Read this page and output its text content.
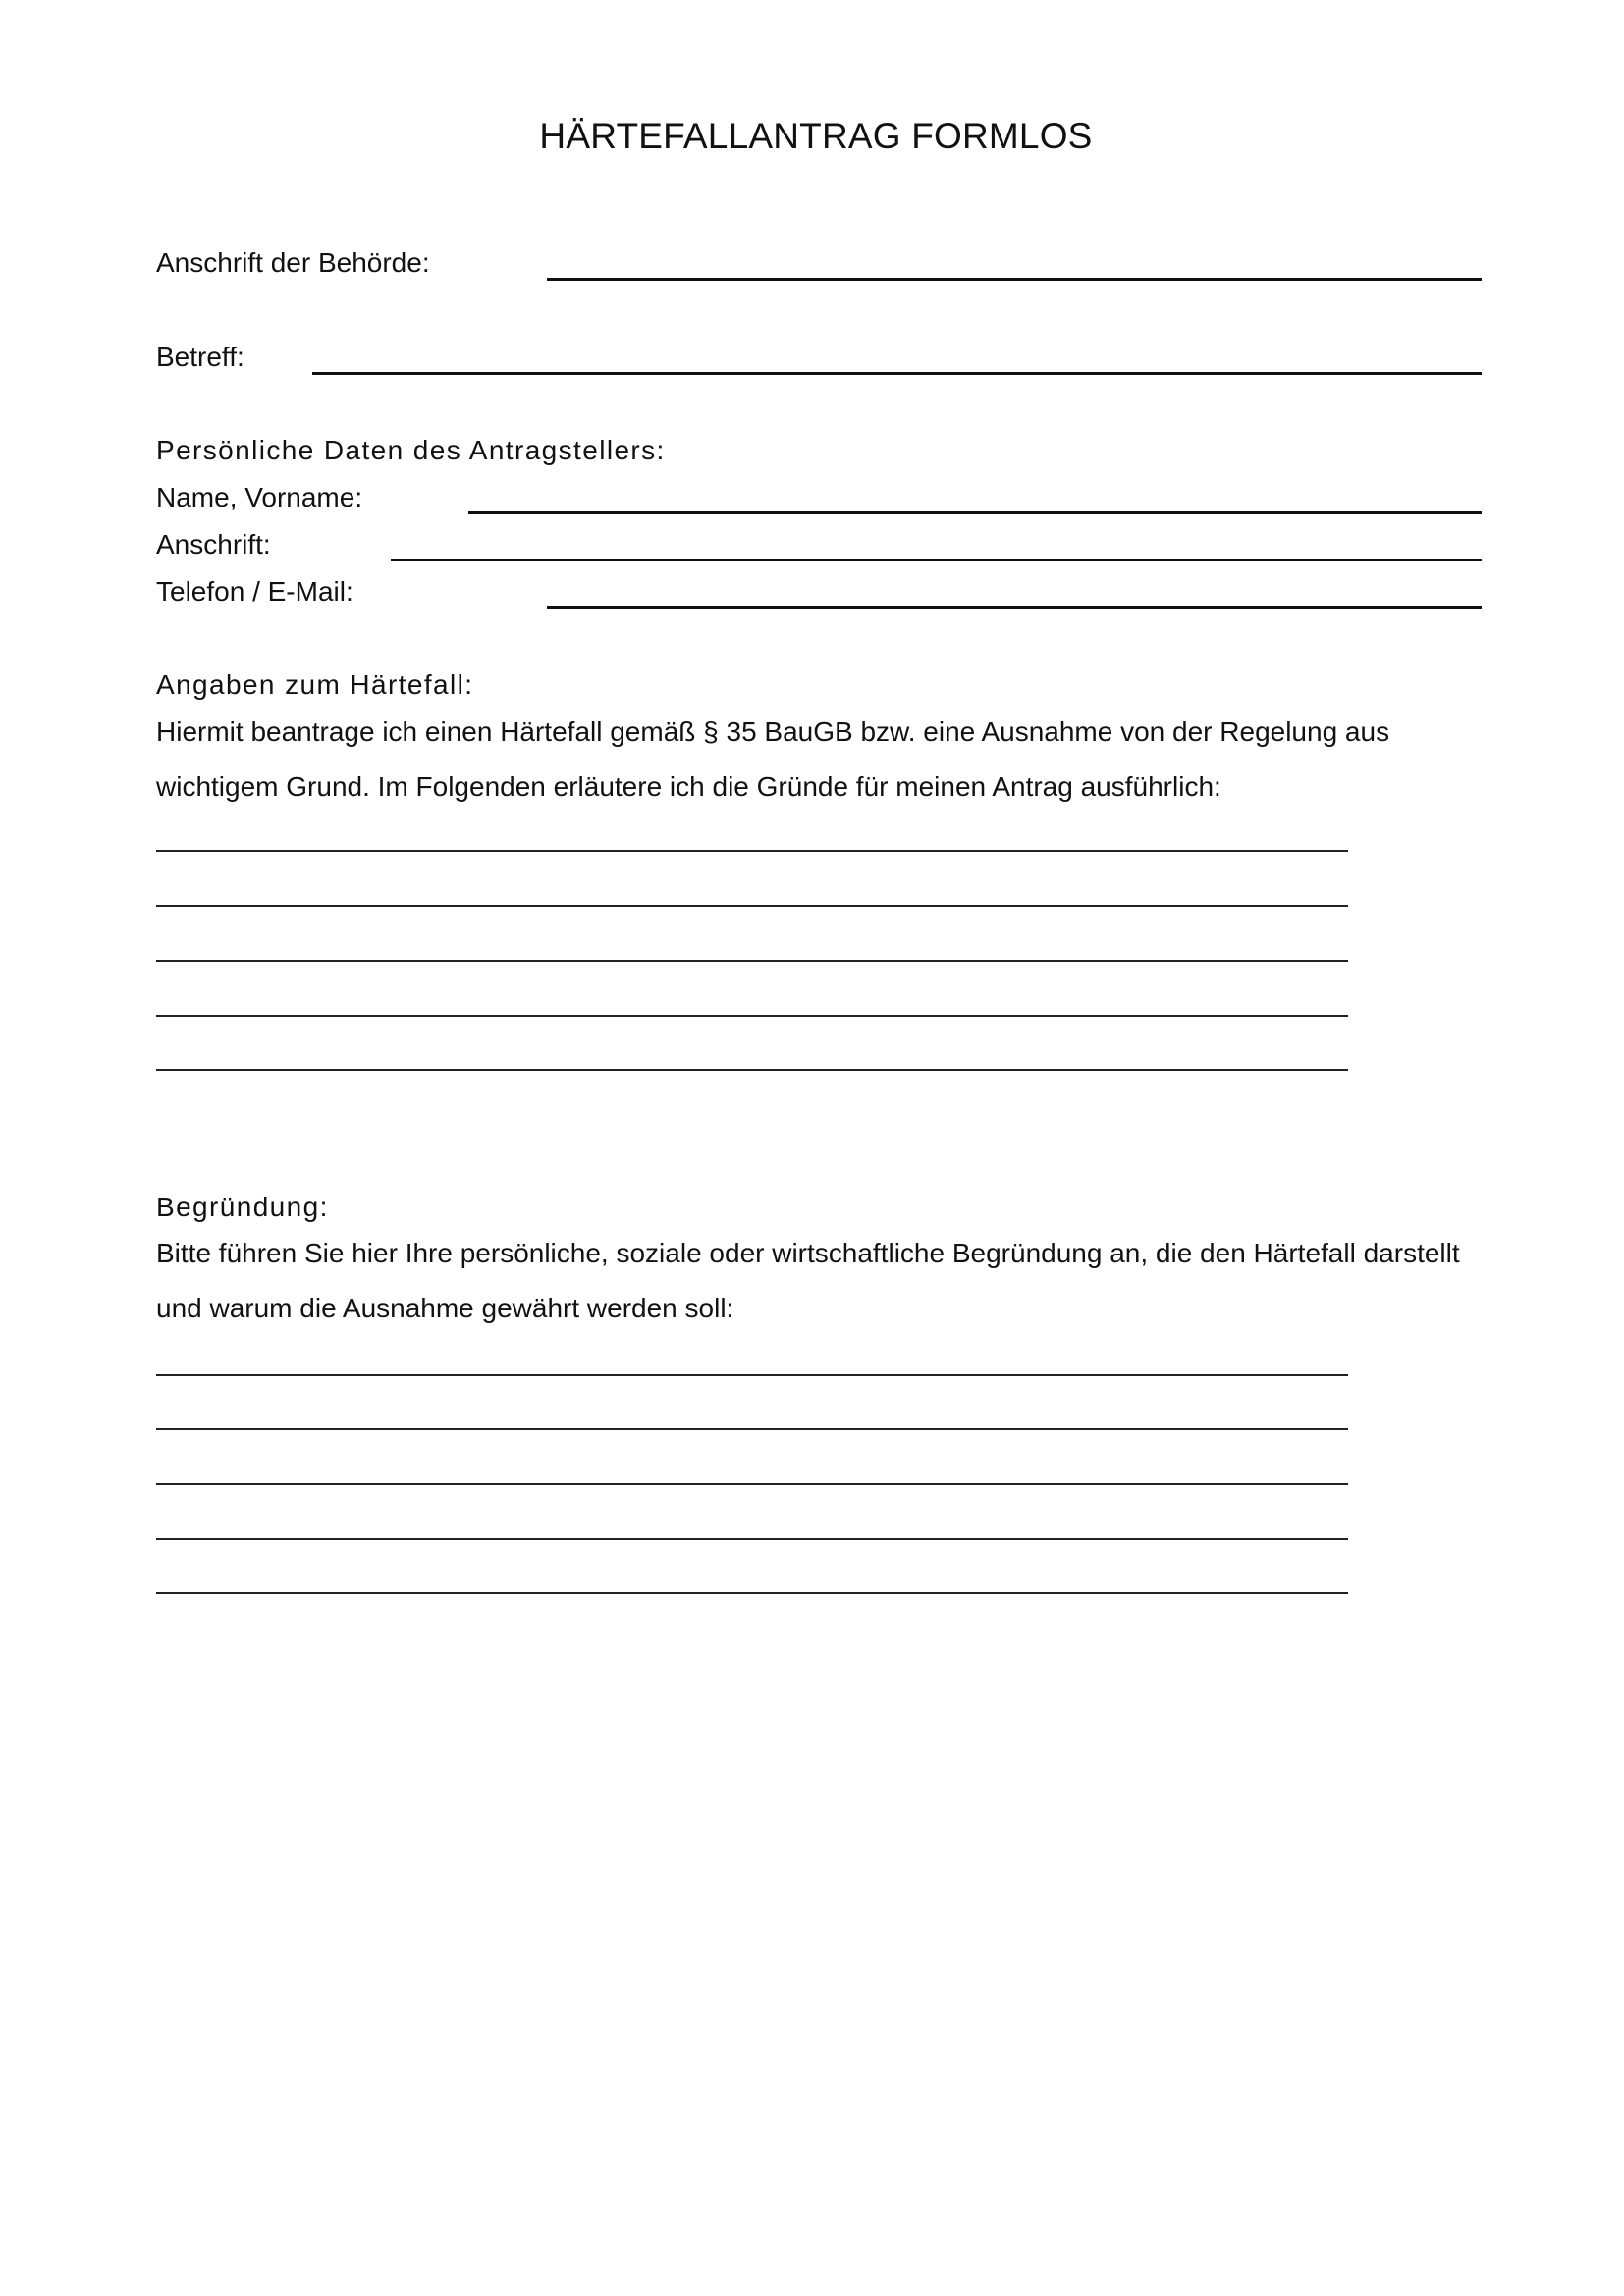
HÄRTEFALLANTRAG FORMLOS
Anschrift der Behörde:
Betreff:
Persönliche Daten des Antragstellers:
Name, Vorname:
Anschrift:
Telefon / E-Mail:
Angaben zum Härtefall:
Hiermit beantrage ich einen Härtefall gemäß § 35 BauGB bzw. eine Ausnahme von der Regelung aus
wichtigem Grund. Im Folgenden erläutere ich die Gründe für meinen Antrag ausführlich:
Begründung:
Bitte führen Sie hier Ihre persönliche, soziale oder wirtschaftliche Begründung an, die den Härtefall darstellt
und warum die Ausnahme gewährt werden soll:
